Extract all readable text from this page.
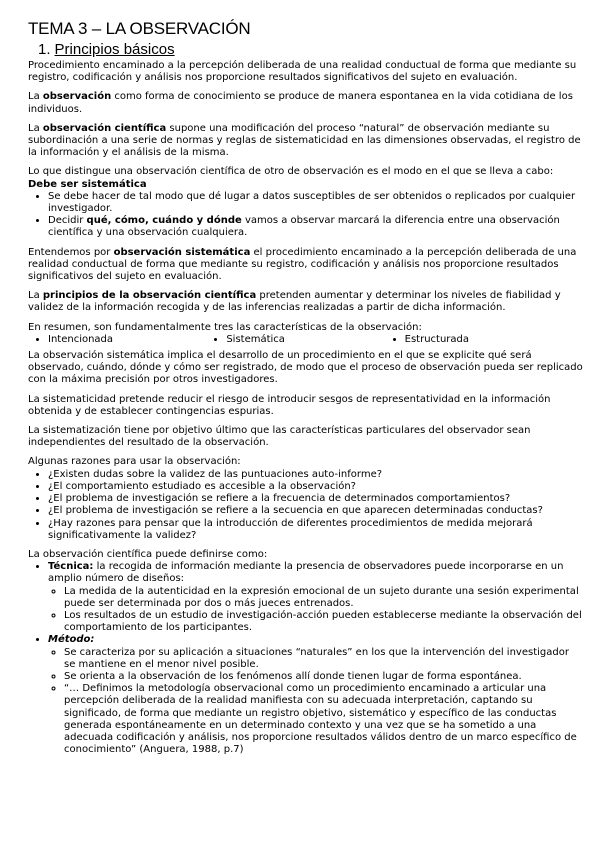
TEMA 3 – LA OBSERVACIÓN
1. Principios básicos

Procedimiento encaminado a la percepción deliberada de una realidad conductual de forma que mediante su registro, codificación y análisis nos proporcione resultados significativos del sujeto en evaluación.

La observación como forma de conocimiento se produce de manera espontanea en la vida cotidiana de los individuos.

La observación científica supone una modificación del proceso “natural” de observación mediante su subordinación a una serie de normas y reglas de sistematicidad en las dimensiones observadas, el registro de la información y el análisis de la misma.

Lo que distingue una observación científica de otro de observación es el modo en el que se lleva a cabo: Debe ser sistemática

• Se debe hacer de tal modo que dé lugar a datos susceptibles de ser obtenidos o replicados por cualquier investigador.
• Decidir qué, cómo, cuándo y dónde vamos a observar marcará la diferencia entre una observación científica y una observación cualquiera.

Entendemos por observación sistemática el procedimiento encaminado a la percepción deliberada de una realidad conductual de forma que mediante su registro, codificación y análisis nos proporcione resultados significativos del sujeto en evaluación.

La principios de la observación científica pretenden aumentar y determinar los niveles de fiabilidad y validez de la información recogida y de las inferencias realizadas a partir de dicha información.

En resumen, son fundamentalmente tres las características de la observación:

• Intencionada	• Sistemática	• Estructurada

La observación sistemática implica el desarrollo de un procedimiento en el que se explicite qué será observado, cuándo, dónde y cómo ser registrado, de modo que el proceso de observación pueda ser replicado con la máxima precisión por otros investigadores.

La sistematicidad pretende reducir el riesgo de introducir sesgos de representatividad en la información obtenida y de establecer contingencias espurias.

La sistematización tiene por objetivo último que las características particulares del observador sean independientes del resultado de la observación.

Algunas razones para usar la observación:

• ¿Existen dudas sobre la validez de las puntuaciones auto-informe?
• ¿El comportamiento estudiado es accesible a la observación?
• ¿El problema de investigación se refiere a la frecuencia de determinados comportamientos?
• ¿El problema de investigación se refiere a la secuencia en que aparecen determinadas conductas?
• ¿Hay razones para pensar que la introducción de diferentes procedimientos de medida mejorará significativamente la validez?

La observación científica puede definirse como:

• Técnica: la recogida de información mediante la presencia de observadores puede incorporarse en un amplio número de diseños:
◦ La medida de la autenticidad en la expresión emocional de un sujeto durante una sesión experimental puede ser determinada por dos o más jueces entrenados.
◦ Los resultados de un estudio de investigación-acción pueden establecerse mediante la observación del comportamiento de los participantes.
• Método:
◦ Se caracteriza por su aplicación a situaciones “naturales” en los que la intervención del investigador se mantiene en el menor nivel posible.
◦ Se orienta a la observación de los fenómenos allí donde tienen lugar de forma espontánea.
◦ “… Definimos la metodología observacional como un procedimiento encaminado a articular una percepción deliberada de la realidad manifiesta con su adecuada interpretación, captando su significado, de forma que mediante un registro objetivo, sistemático y específico de las conductas generada espontáneamente en un determinado contexto y una vez que se ha sometido a una adecuada codificación y análisis, nos proporcione resultados válidos dentro de un marco específico de conocimiento” (Anguera, 1988, p.7)
